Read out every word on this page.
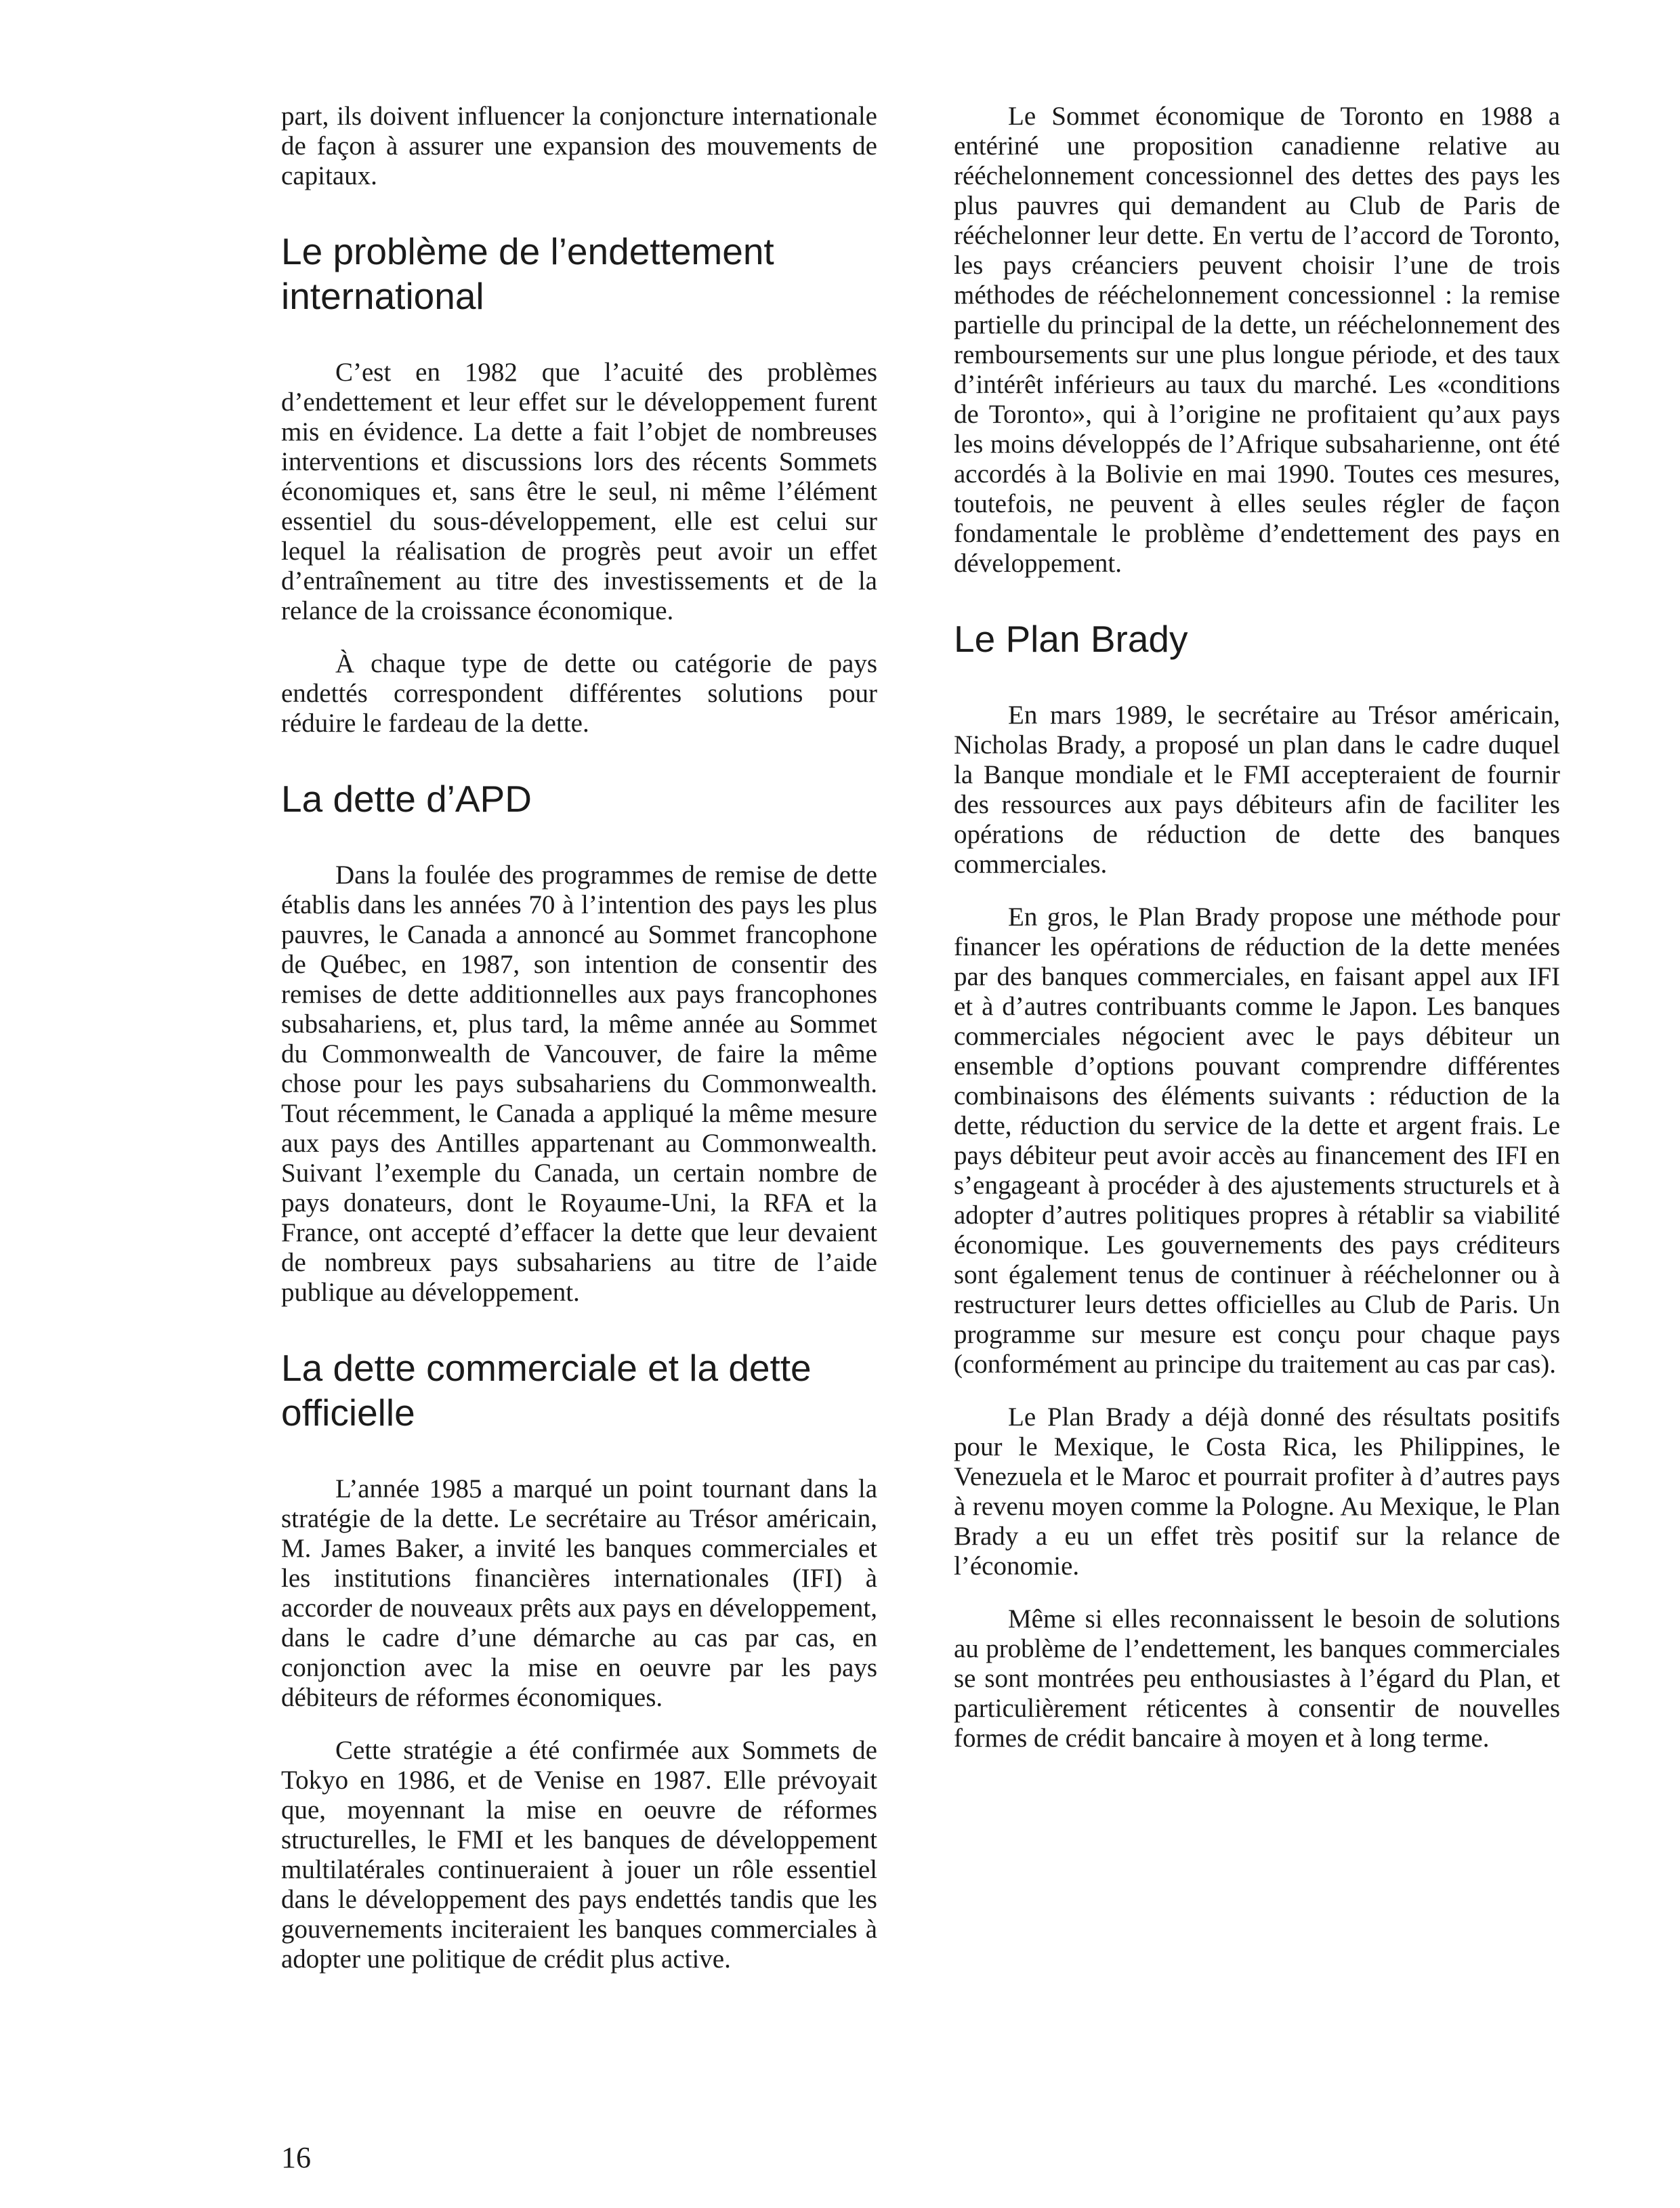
part, ils doivent influencer la conjoncture internationale de façon à assurer une expansion des mouvements de capitaux.

Le problème de l’endettement international

C’est en 1982 que l’acuité des problèmes d’endettement et leur effet sur le développement furent mis en évidence. La dette a fait l’objet de nombreuses interventions et discussions lors des récents Sommets économiques et, sans être le seul, ni même l’élément essentiel du sous-développement, elle est celui sur lequel la réalisation de progrès peut avoir un effet d’entraînement au titre des investissements et de la relance de la croissance économique.

À chaque type de dette ou catégorie de pays endettés correspondent différentes solutions pour réduire le fardeau de la dette.

La dette d’APD

Dans la foulée des programmes de remise de dette établis dans les années 70 à l’intention des pays les plus pauvres, le Canada a annoncé au Sommet francophone de Québec, en 1987, son intention de consentir des remises de dette additionnelles aux pays francophones subsahariens, et, plus tard, la même année au Sommet du Commonwealth de Vancouver, de faire la même chose pour les pays subsahariens du Commonwealth. Tout récemment, le Canada a appliqué la même mesure aux pays des Antilles appartenant au Commonwealth. Suivant l’exemple du Canada, un certain nombre de pays donateurs, dont le Royaume-Uni, la RFA et la France, ont accepté d’effacer la dette que leur devaient de nombreux pays subsahariens au titre de l’aide publique au développement.

La dette commerciale et la dette officielle

L’année 1985 a marqué un point tournant dans la stratégie de la dette. Le secrétaire au Trésor américain, M. James Baker, a invité les banques commerciales et les institutions financières internationales (IFI) à accorder de nouveaux prêts aux pays en développement, dans le cadre d’une démarche au cas par cas, en conjonction avec la mise en oeuvre par les pays débiteurs de réformes économiques.

Cette stratégie a été confirmée aux Sommets de Tokyo en 1986, et de Venise en 1987. Elle prévoyait que, moyennant la mise en oeuvre de réformes structurelles, le FMI et les banques de développement multilatérales continueraient à jouer un rôle essentiel dans le développement des pays endettés tandis que les gouvernements inciteraient les banques commerciales à adopter une politique de crédit plus active.

Le Sommet économique de Toronto en 1988 a entériné une proposition canadienne relative au rééchelonnement concessionnel des dettes des pays les plus pauvres qui demandent au Club de Paris de rééchelonner leur dette. En vertu de l’accord de Toronto, les pays créanciers peuvent choisir l’une de trois méthodes de rééchelonnement concessionnel : la remise partielle du principal de la dette, un rééchelonnement des remboursements sur une plus longue période, et des taux d’intérêt inférieurs au taux du marché. Les «conditions de Toronto», qui à l’origine ne profitaient qu’aux pays les moins développés de l’Afrique subsaharienne, ont été accordés à la Bolivie en mai 1990. Toutes ces mesures, toutefois, ne peuvent à elles seules régler de façon fondamentale le problème d’endettement des pays en développement.

Le Plan Brady

En mars 1989, le secrétaire au Trésor américain, Nicholas Brady, a proposé un plan dans le cadre duquel la Banque mondiale et le FMI accepteraient de fournir des ressources aux pays débiteurs afin de faciliter les opérations de réduction de dette des banques commerciales.

En gros, le Plan Brady propose une méthode pour financer les opérations de réduction de la dette menées par des banques commerciales, en faisant appel aux IFI et à d’autres contribuants comme le Japon. Les banques commerciales négocient avec le pays débiteur un ensemble d’options pouvant comprendre différentes combinaisons des éléments suivants : réduction de la dette, réduction du service de la dette et argent frais. Le pays débiteur peut avoir accès au financement des IFI en s’engageant à procéder à des ajustements structurels et à adopter d’autres politiques propres à rétablir sa viabilité économique. Les gouvernements des pays créditeurs sont également tenus de continuer à rééchelonner ou à restructurer leurs dettes officielles au Club de Paris. Un programme sur mesure est conçu pour chaque pays (conformément au principe du traitement au cas par cas).

Le Plan Brady a déjà donné des résultats positifs pour le Mexique, le Costa Rica, les Philippines, le Venezuela et le Maroc et pourrait profiter à d’autres pays à revenu moyen comme la Pologne. Au Mexique, le Plan Brady a eu un effet très positif sur la relance de l’économie.

Même si elles reconnaissent le besoin de solutions au problème de l’endettement, les banques commerciales se sont montrées peu enthousiastes à l’égard du Plan, et particulièrement réticentes à consentir de nouvelles formes de crédit bancaire à moyen et à long terme.

16
